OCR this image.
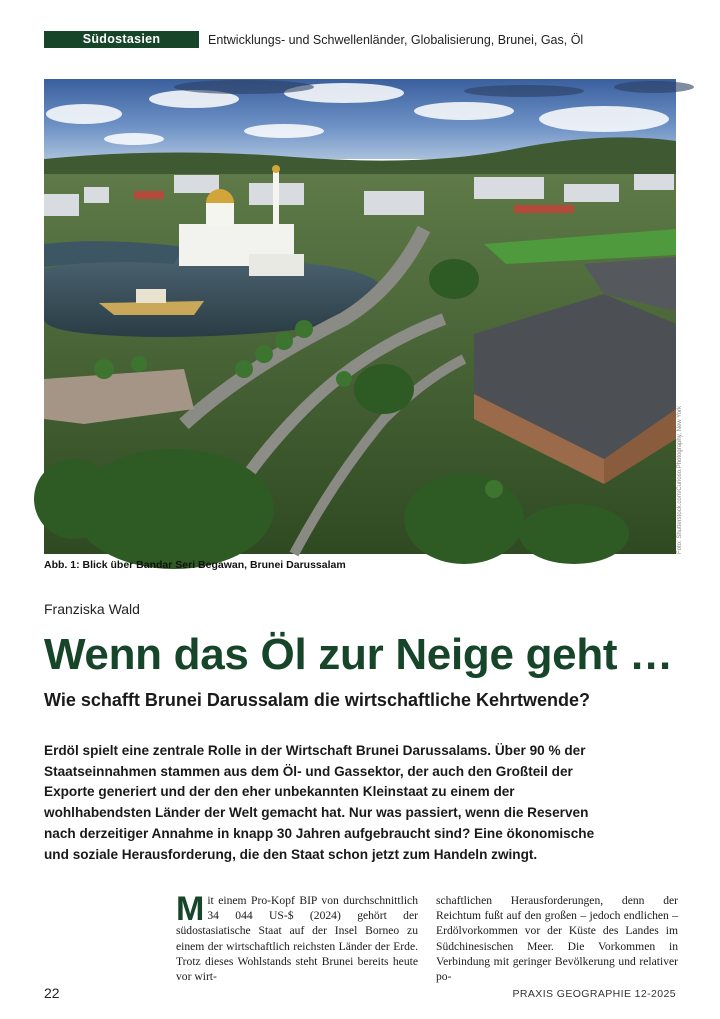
Südostasien	Entwicklungs- und Schwellenländer, Globalisierung, Brunei, Gas, Öl
Foto: Shutterstock.com/Curioso.Photography, New York
Abb. 1: Blick über Bandar Seri Begawan, Brunei Darussalam
Franziska Wald
Wenn das Öl zur Neige geht …
Wie schafft Brunei Darussalam die wirtschaftliche Kehrtwende?
Erdöl spielt eine zentrale Rolle in der Wirtschaft Brunei Darussalams. Über 90 % der Staatseinnahmen stammen aus dem Öl- und Gassektor, der auch den Großteil der Exporte generiert und der den eher unbekannten Kleinstaat zu einem der wohlhabendsten Länder der Welt gemacht hat. Nur was passiert, wenn die Reserven nach derzeitiger Annahme in knapp 30 Jahren aufgebraucht sind? Eine ökonomische und soziale Herausforderung, die den Staat schon jetzt zum Handeln zwingt.
Mit einem Pro-Kopf BIP von durchschnittlich 34 044 US-$ (2024) gehört der südostasiatische Staat auf der Insel Borneo zu einem der wirtschaftlich reichsten Länder der Erde. Trotz dieses Wohlstands steht Brunei bereits heute vor wirt-
schaftlichen Herausforderungen, denn der Reichtum fußt auf den großen – jedoch endlichen – Erdölvorkommen vor der Küste des Landes im Südchinesischen Meer. Die Vorkommen in Verbindung mit geringer Bevölkerung und relativer po-
22	PRAXIS GEOGRAPHIE 12-2025
